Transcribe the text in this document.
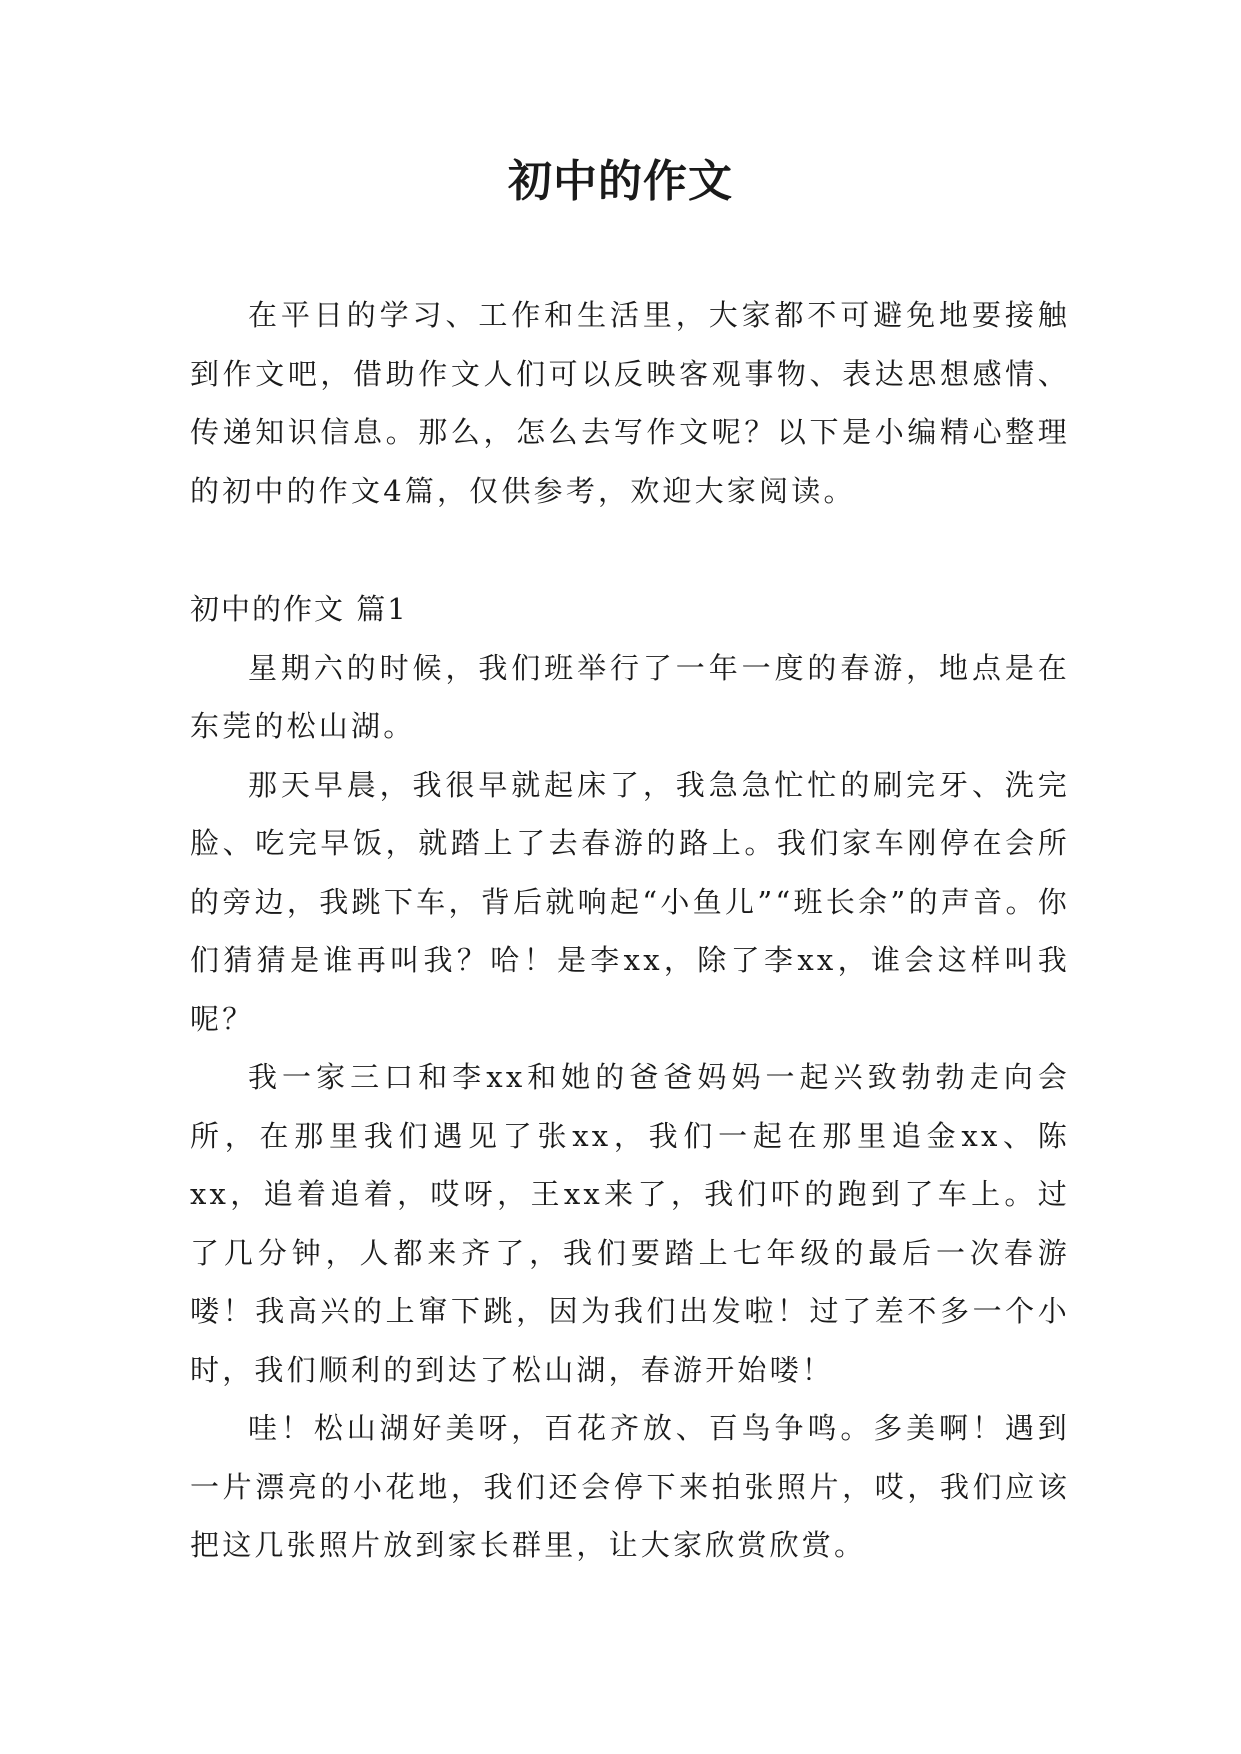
初中的作文

在平日的学习、工作和生活里，大家都不可避免地要接触到作文吧，借助作文人们可以反映客观事物、表达思想感情、传递知识信息。那么，怎么去写作文呢？以下是小编精心整理的初中的作文4篇，仅供参考，欢迎大家阅读。

初中的作文 篇1

星期六的时候，我们班举行了一年一度的春游，地点是在东莞的松山湖。

那天早晨，我很早就起床了，我急急忙忙的刷完牙、洗完脸、吃完早饭，就踏上了去春游的路上。我们家车刚停在会所的旁边，我跳下车，背后就响起“小鱼儿”“班长余”的声音。你们猜猜是谁再叫我？哈！是李xx，除了李xx，谁会这样叫我呢？

我一家三口和李xx和她的爸爸妈妈一起兴致勃勃走向会所，在那里我们遇见了张xx，我们一起在那里追金xx、陈xx，追着追着，哎呀，王xx来了，我们吓的跑到了车上。过了几分钟，人都来齐了，我们要踏上七年级的最后一次春游喽！我高兴的上窜下跳，因为我们出发啦！过了差不多一个小时，我们顺利的到达了松山湖，春游开始喽！

哇！松山湖好美呀，百花齐放、百鸟争鸣。多美啊！遇到一片漂亮的小花地，我们还会停下来拍张照片，哎，我们应该把这几张照片放到家长群里，让大家欣赏欣赏。
